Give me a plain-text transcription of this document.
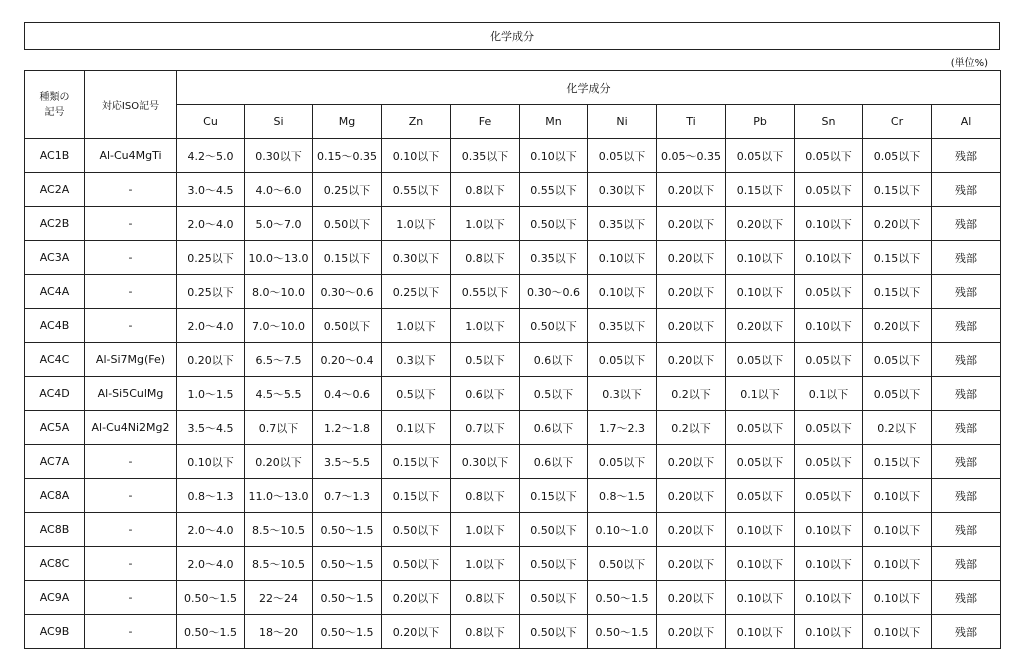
化学成分
(単位%)
種類の
記号	対応ISO記号	化学成分											
		Cu	Si	Mg	Zn	Fe	Mn	Ni	Ti	Pb	Sn	Cr	Al
AC1B	Al-Cu4MgTi	4.2～5.0	0.30以下	0.15～0.35	0.10以下	0.35以下	0.10以下	0.05以下	0.05～0.35	0.05以下	0.05以下	0.05以下	残部
AC2A	-	3.0～4.5	4.0～6.0	0.25以下	0.55以下	0.8以下	0.55以下	0.30以下	0.20以下	0.15以下	0.05以下	0.15以下	残部
AC2B	-	2.0～4.0	5.0～7.0	0.50以下	1.0以下	1.0以下	0.50以下	0.35以下	0.20以下	0.20以下	0.10以下	0.20以下	残部
AC3A	-	0.25以下	10.0～13.0	0.15以下	0.30以下	0.8以下	0.35以下	0.10以下	0.20以下	0.10以下	0.10以下	0.15以下	残部
AC4A	-	0.25以下	8.0～10.0	0.30～0.6	0.25以下	0.55以下	0.30～0.6	0.10以下	0.20以下	0.10以下	0.05以下	0.15以下	残部
AC4B	-	2.0～4.0	7.0～10.0	0.50以下	1.0以下	1.0以下	0.50以下	0.35以下	0.20以下	0.20以下	0.10以下	0.20以下	残部
AC4C	Al-Si7Mg(Fe)	0.20以下	6.5～7.5	0.20～0.4	0.3以下	0.5以下	0.6以下	0.05以下	0.20以下	0.05以下	0.05以下	0.05以下	残部
AC4D	Al-Si5CulMg	1.0～1.5	4.5～5.5	0.4～0.6	0.5以下	0.6以下	0.5以下	0.3以下	0.2以下	0.1以下	0.1以下	0.05以下	残部
AC5A	Al-Cu4Ni2Mg2	3.5～4.5	0.7以下	1.2～1.8	0.1以下	0.7以下	0.6以下	1.7～2.3	0.2以下	0.05以下	0.05以下	0.2以下	残部
AC7A	-	0.10以下	0.20以下	3.5～5.5	0.15以下	0.30以下	0.6以下	0.05以下	0.20以下	0.05以下	0.05以下	0.15以下	残部
AC8A	-	0.8～1.3	11.0～13.0	0.7～1.3	0.15以下	0.8以下	0.15以下	0.8～1.5	0.20以下	0.05以下	0.05以下	0.10以下	残部
AC8B	-	2.0～4.0	8.5～10.5	0.50～1.5	0.50以下	1.0以下	0.50以下	0.10～1.0	0.20以下	0.10以下	0.10以下	0.10以下	残部
AC8C	-	2.0～4.0	8.5～10.5	0.50～1.5	0.50以下	1.0以下	0.50以下	0.50以下	0.20以下	0.10以下	0.10以下	0.10以下	残部
AC9A	-	0.50～1.5	22～24	0.50～1.5	0.20以下	0.8以下	0.50以下	0.50～1.5	0.20以下	0.10以下	0.10以下	0.10以下	残部
AC9B	-	0.50～1.5	18～20	0.50～1.5	0.20以下	0.8以下	0.50以下	0.50～1.5	0.20以下	0.10以下	0.10以下	0.10以下	残部
